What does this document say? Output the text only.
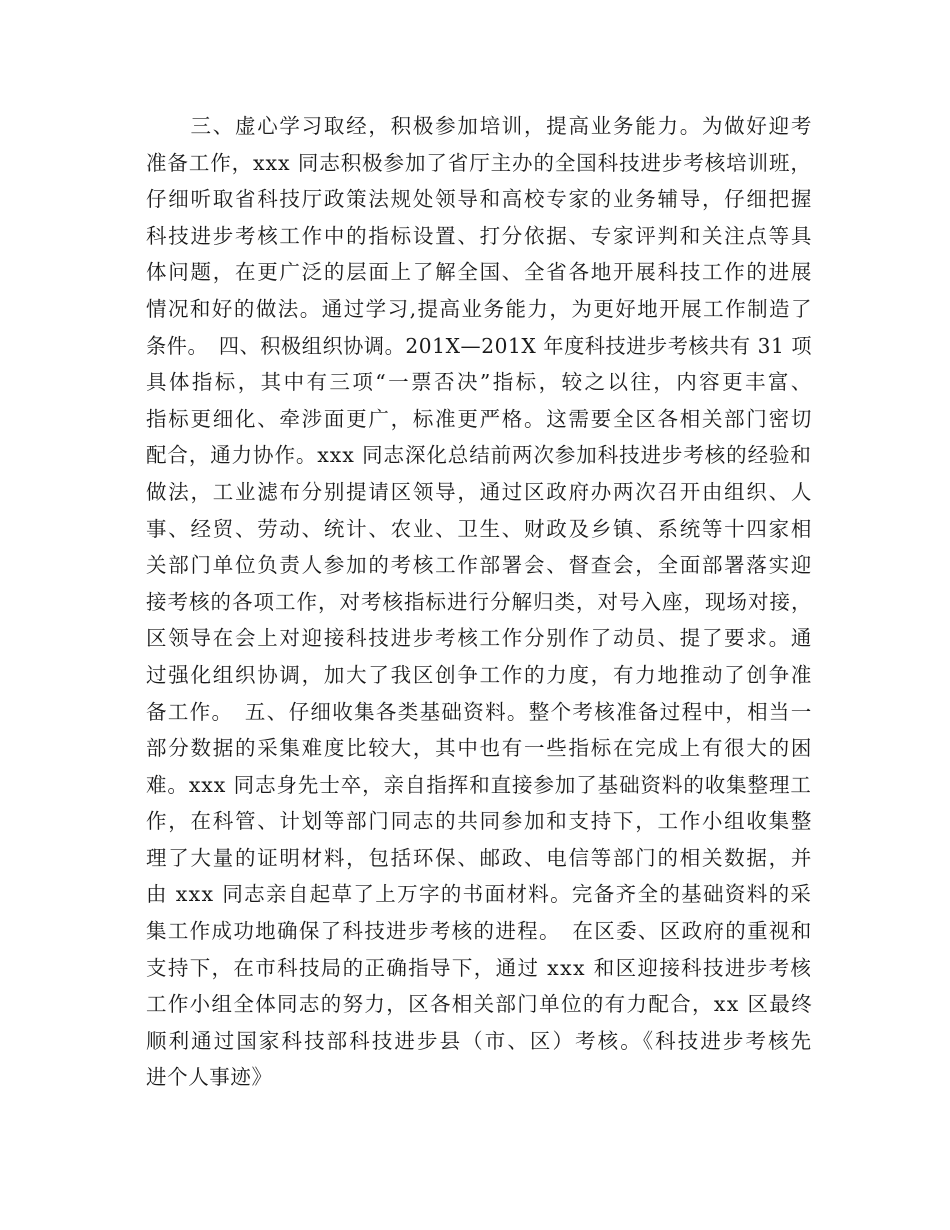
　　三、虚心学习取经，积极参加培训，提高业务能力。为做好迎考
准备工作，xxx 同志积极参加了省厅主办的全国科技进步考核培训班，
仔细听取省科技厅政策法规处领导和高校专家的业务辅导，仔细把握
科技进步考核工作中的指标设置、打分依据、专家评判和关注点等具
体问题，在更广泛的层面上了解全国、全省各地开展科技工作的进展
情况和好的做法。通过学习,提高业务能力，为更好地开展工作制造了
条件。　四、积极组织协调。201X—201X 年度科技进步考核共有 31 项
具体指标，其中有三项“一票否决”指标，较之以往，内容更丰富、
指标更细化、牵涉面更广，标准更严格。这需要全区各相关部门密切
配合，通力协作。xxx 同志深化总结前两次参加科技进步考核的经验和
做法，工业滤布分别提请区领导，通过区政府办两次召开由组织、人
事、经贸、劳动、统计、农业、卫生、财政及乡镇、系统等十四家相
关部门单位负责人参加的考核工作部署会、督查会，全面部署落实迎
接考核的各项工作，对考核指标进行分解归类，对号入座，现场对接，
区领导在会上对迎接科技进步考核工作分别作了动员、提了要求。通
过强化组织协调，加大了我区创争工作的力度，有力地推动了创争准
备工作。　五、仔细收集各类基础资料。整个考核准备过程中，相当一
部分数据的采集难度比较大，其中也有一些指标在完成上有很大的困
难。xxx 同志身先士卒，亲自指挥和直接参加了基础资料的收集整理工
作，在科管、计划等部门同志的共同参加和支持下，工作小组收集整
理了大量的证明材料，包括环保、邮政、电信等部门的相关数据，并
由 xxx 同志亲自起草了上万字的书面材料。完备齐全的基础资料的采
集工作成功地确保了科技进步考核的进程。　在区委、区政府的重视和
支持下，在市科技局的正确指导下，通过 xxx 和区迎接科技进步考核
工作小组全体同志的努力，区各相关部门单位的有力配合，xx 区最终
顺利通过国家科技部科技进步县（市、区）考核。《科技进步考核先
进个人事迹》
